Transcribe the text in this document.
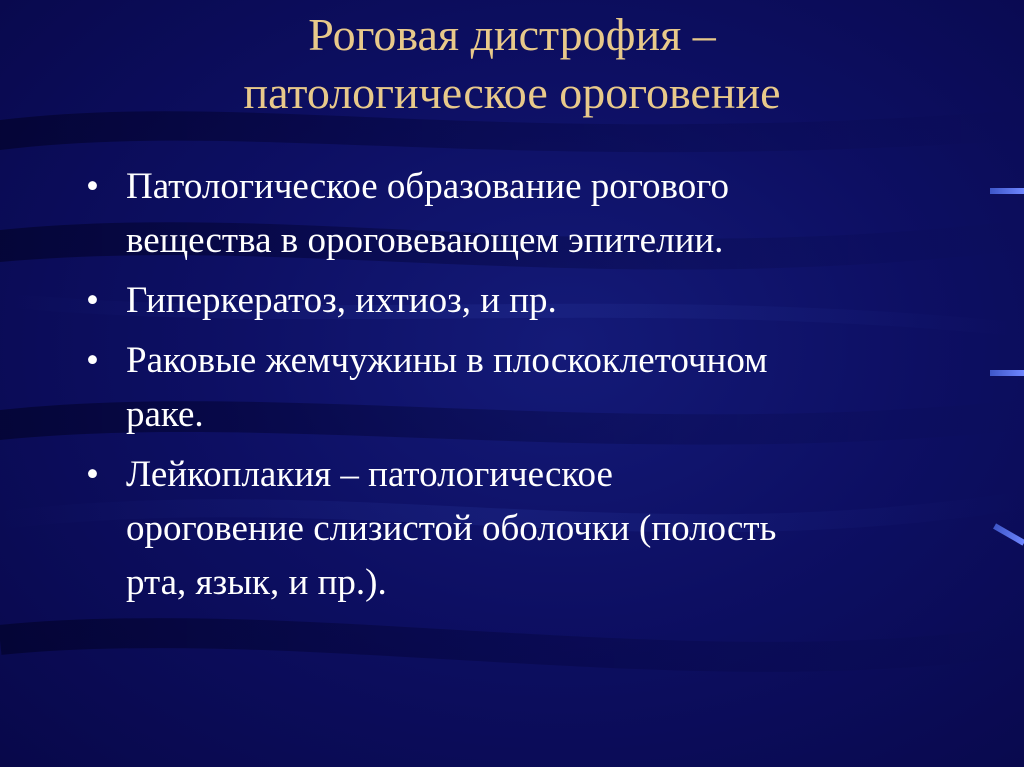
Роговая дистрофия –
патологическое ороговение
• Патологическое образование рогового
вещества в ороговевающем эпителии.
• Гиперкератоз, ихтиоз, и пр.
• Раковые жемчужины в плоскоклеточном
раке.
• Лейкоплакия – патологическое
ороговение слизистой оболочки (полость
рта, язык, и пр.).
